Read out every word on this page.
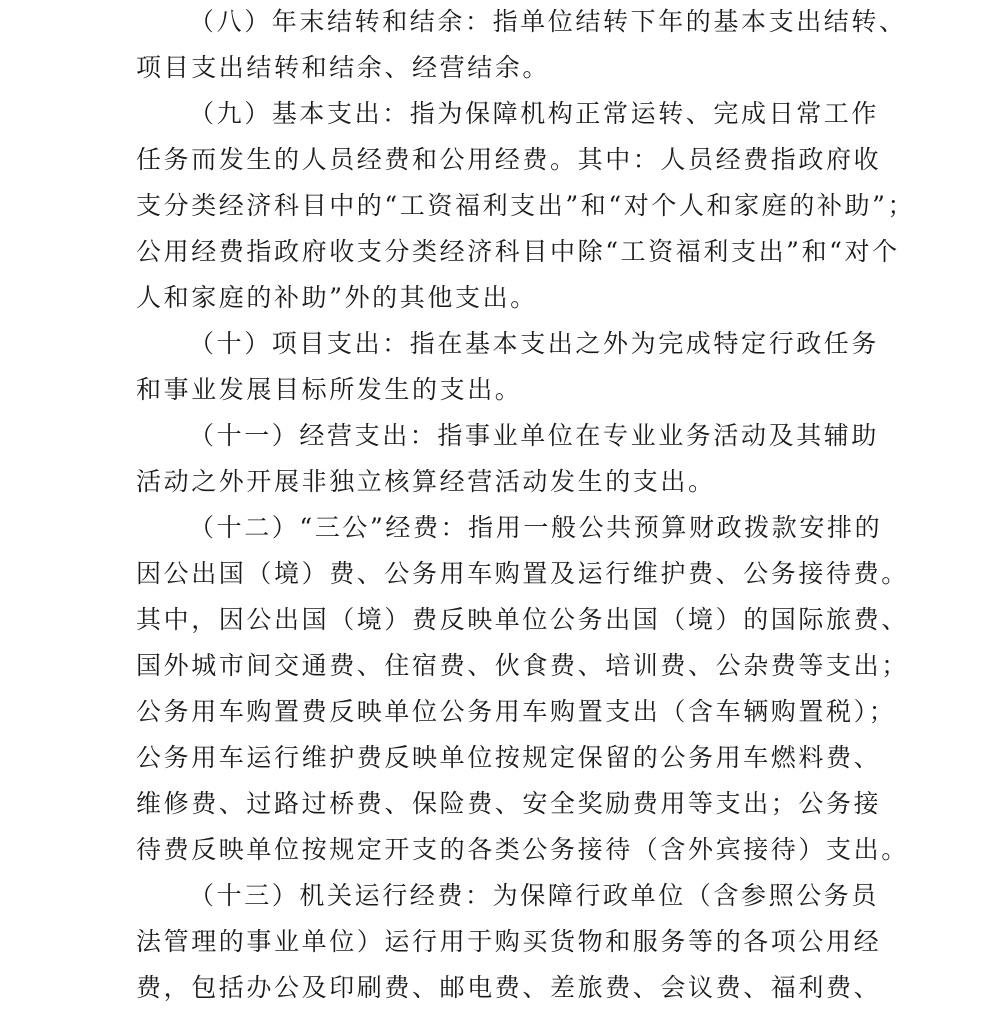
（八）年末结转和结余：指单位结转下年的基本支出结转、
项目支出结转和结余、经营结余。
（九）基本支出：指为保障机构正常运转、完成日常工作
任务而发生的人员经费和公用经费。其中：人员经费指政府收
支分类经济科目中的“工资福利支出”和“对个人和家庭的补助”；
公用经费指政府收支分类经济科目中除“工资福利支出”和“对个
人和家庭的补助”外的其他支出。
（十）项目支出：指在基本支出之外为完成特定行政任务
和事业发展目标所发生的支出。
（十一）经营支出：指事业单位在专业业务活动及其辅助
活动之外开展非独立核算经营活动发生的支出。
（十二）“三公”经费：指用一般公共预算财政拨款安排的
因公出国（境）费、公务用车购置及运行维护费、公务接待费。
其中，因公出国（境）费反映单位公务出国（境）的国际旅费、
国外城市间交通费、住宿费、伙食费、培训费、公杂费等支出；
公务用车购置费反映单位公务用车购置支出（含车辆购置税）；
公务用车运行维护费反映单位按规定保留的公务用车燃料费、
维修费、过路过桥费、保险费、安全奖励费用等支出；公务接
待费反映单位按规定开支的各类公务接待（含外宾接待）支出。
（十三）机关运行经费：为保障行政单位（含参照公务员
法管理的事业单位）运行用于购买货物和服务等的各项公用经
费，包括办公及印刷费、邮电费、差旅费、会议费、福利费、
